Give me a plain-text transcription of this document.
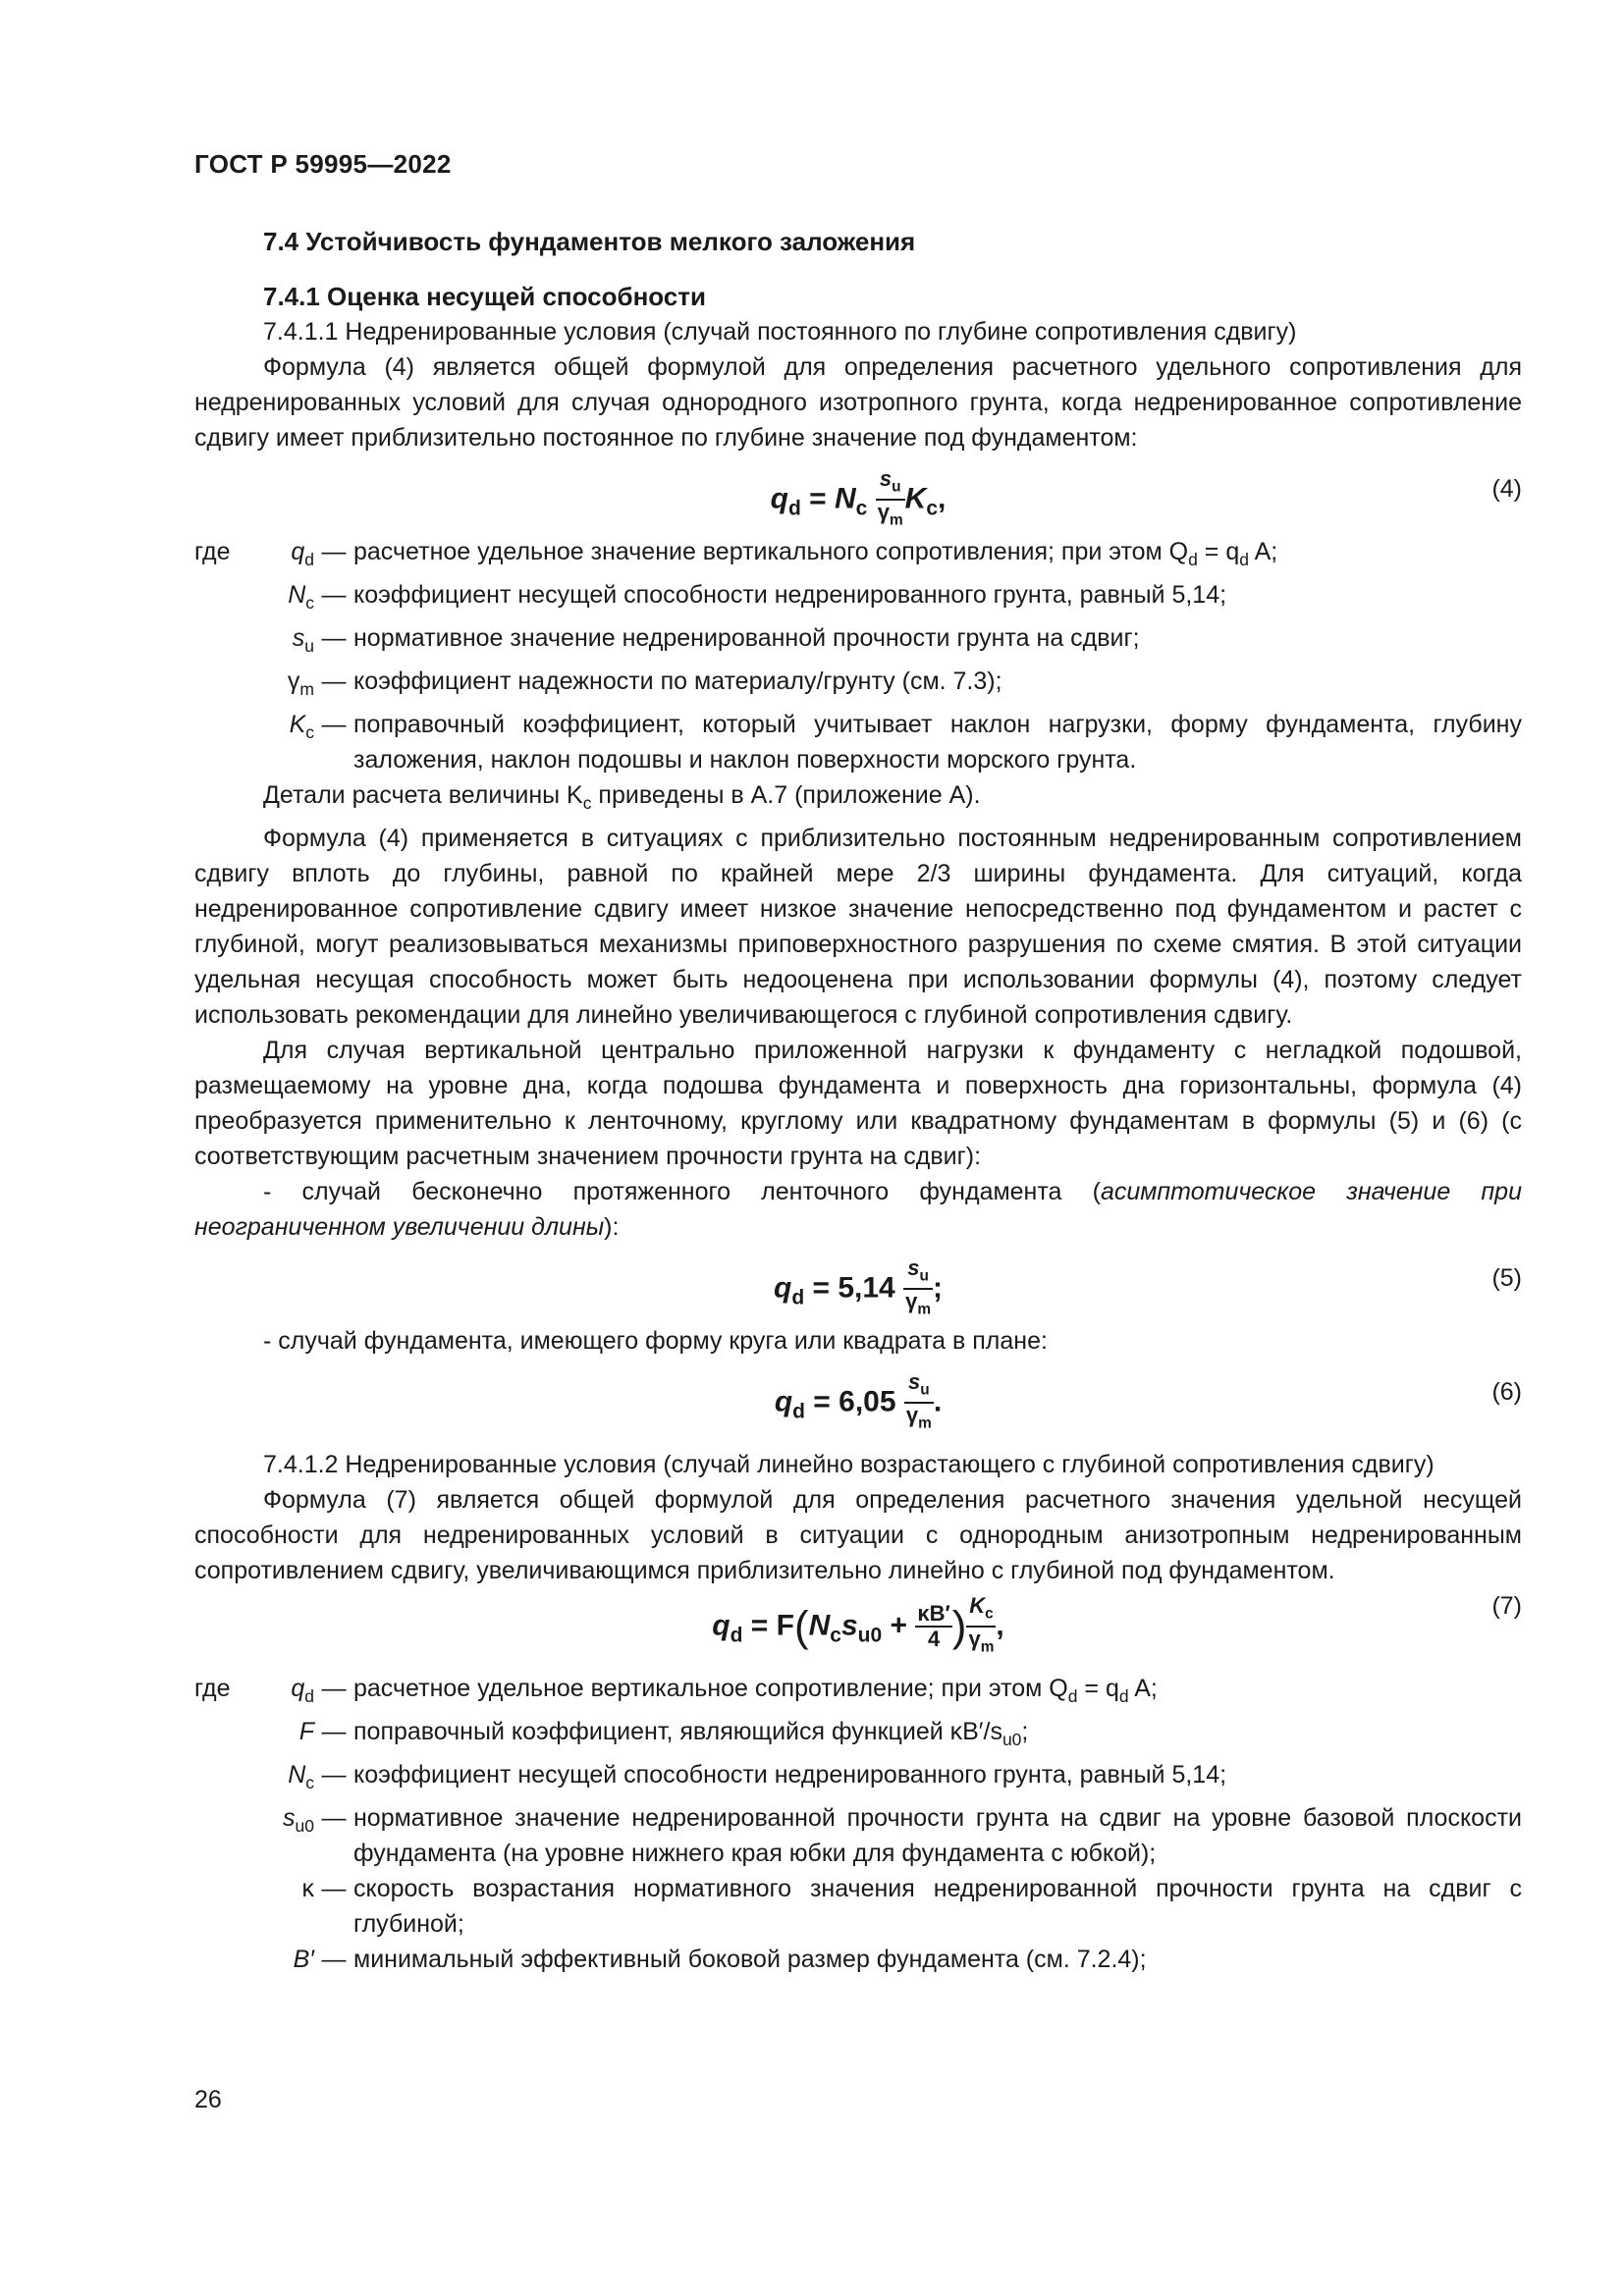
ГОСТ Р 59995—2022
7.4 Устойчивость фундаментов мелкого заложения
7.4.1 Оценка несущей способности
7.4.1.1 Недренированные условия (случай постоянного по глубине сопротивления сдвигу)

Формула (4) является общей формулой для определения расчетного удельного сопротивления для недренированных условий для случая однородного изотропного грунта, когда недренированное сопротивление сдвигу имеет приблизительно постоянное по глубине значение под фундаментом:

$q_d = N_c \frac{s_u}{\gamma_m} K_c$,	(4)
где $q_d$ — расчетное удельное значение вертикального сопротивления; при этом $Q_d = q_d$ A;
$N_c$ — коэффициент несущей способности недренированного грунта, равный 5,14;
$s_u$ — нормативное значение недренированной прочности грунта на сдвиг;
$\gamma_m$ — коэффициент надежности по материалу/грунту (см. 7.3);
$K_c$ — поправочный коэффициент, который учитывает наклон нагрузки, форму фундамента, глубину заложения, наклон подошвы и наклон поверхности морского грунта.

Детали расчета величины $K_c$ приведены в А.7 (приложение А).

Формула (4) применяется в ситуациях с приблизительно постоянным недренированным сопротивлением сдвигу вплоть до глубины, равной по крайней мере 2/3 ширины фундамента. Для ситуаций, когда недренированное сопротивление сдвигу имеет низкое значение непосредственно под фундаментом и растет с глубиной, могут реализовываться механизмы приповерхностного разрушения по схеме смятия. В этой ситуации удельная несущая способность может быть недооценена при использовании формулы (4), поэтому следует использовать рекомендации для линейно увеличивающегося с глубиной сопротивления сдвигу.

Для случая вертикальной центрально приложенной нагрузки к фундаменту с негладкой подошвой, размещаемому на уровне дна, когда подошва фундамента и поверхность дна горизонтальны, формула (4) преобразуется применительно к ленточному, круглому или квадратному фундаментам в формулы (5) и (6) (с соответствующим расчетным значением прочности грунта на сдвиг):

- случай бесконечно протяженного ленточного фундамента (асимптотическое значение при неограниченном увеличении длины):

$q_d = 5,14 \frac{s_u}{\gamma_m}$ ;	(5)

- случай фундамента, имеющего форму круга или квадрата в плане:

$q_d = 6,05 \frac{s_u}{\gamma_m}$ .	(6)

7.4.1.2 Недренированные условия (случай линейно возрастающего с глубиной сопротивления сдвигу)

Формула (7) является общей формулой для определения расчетного значения удельной несущей способности для недренированных условий в ситуации с однородным анизотропным недренированным сопротивлением сдвигу, увеличивающимся приблизительно линейно с глубиной под фундаментом.

$q_d = F(N_cs_{u0} + \frac{\kappa B'}{4}$ ) $\frac{K_c}{\gamma_m}$ ,
(7)
где $q_d$ — расчетное удельное вертикальное сопротивление; при этом $Q_d = q_d$ A;
F — поправочный коэффициент, являющийся функцией $\kappa B'/s_{u0}$;
$N_c$ — коэффициент несущей способности недренированного грунта, равный 5,14;
$s_{u0}$ — нормативное значение недренированной прочности грунта на сдвиг на уровне базовой плоскости фундамента (на уровне нижнего края юбки для фундамента с юбкой);
κ — скорость возрастания нормативного значения недренированной прочности грунта на сдвиг с глубиной;
B′ — минимальный эффективный боковой размер фундамента (см. 7.2.4);
26
